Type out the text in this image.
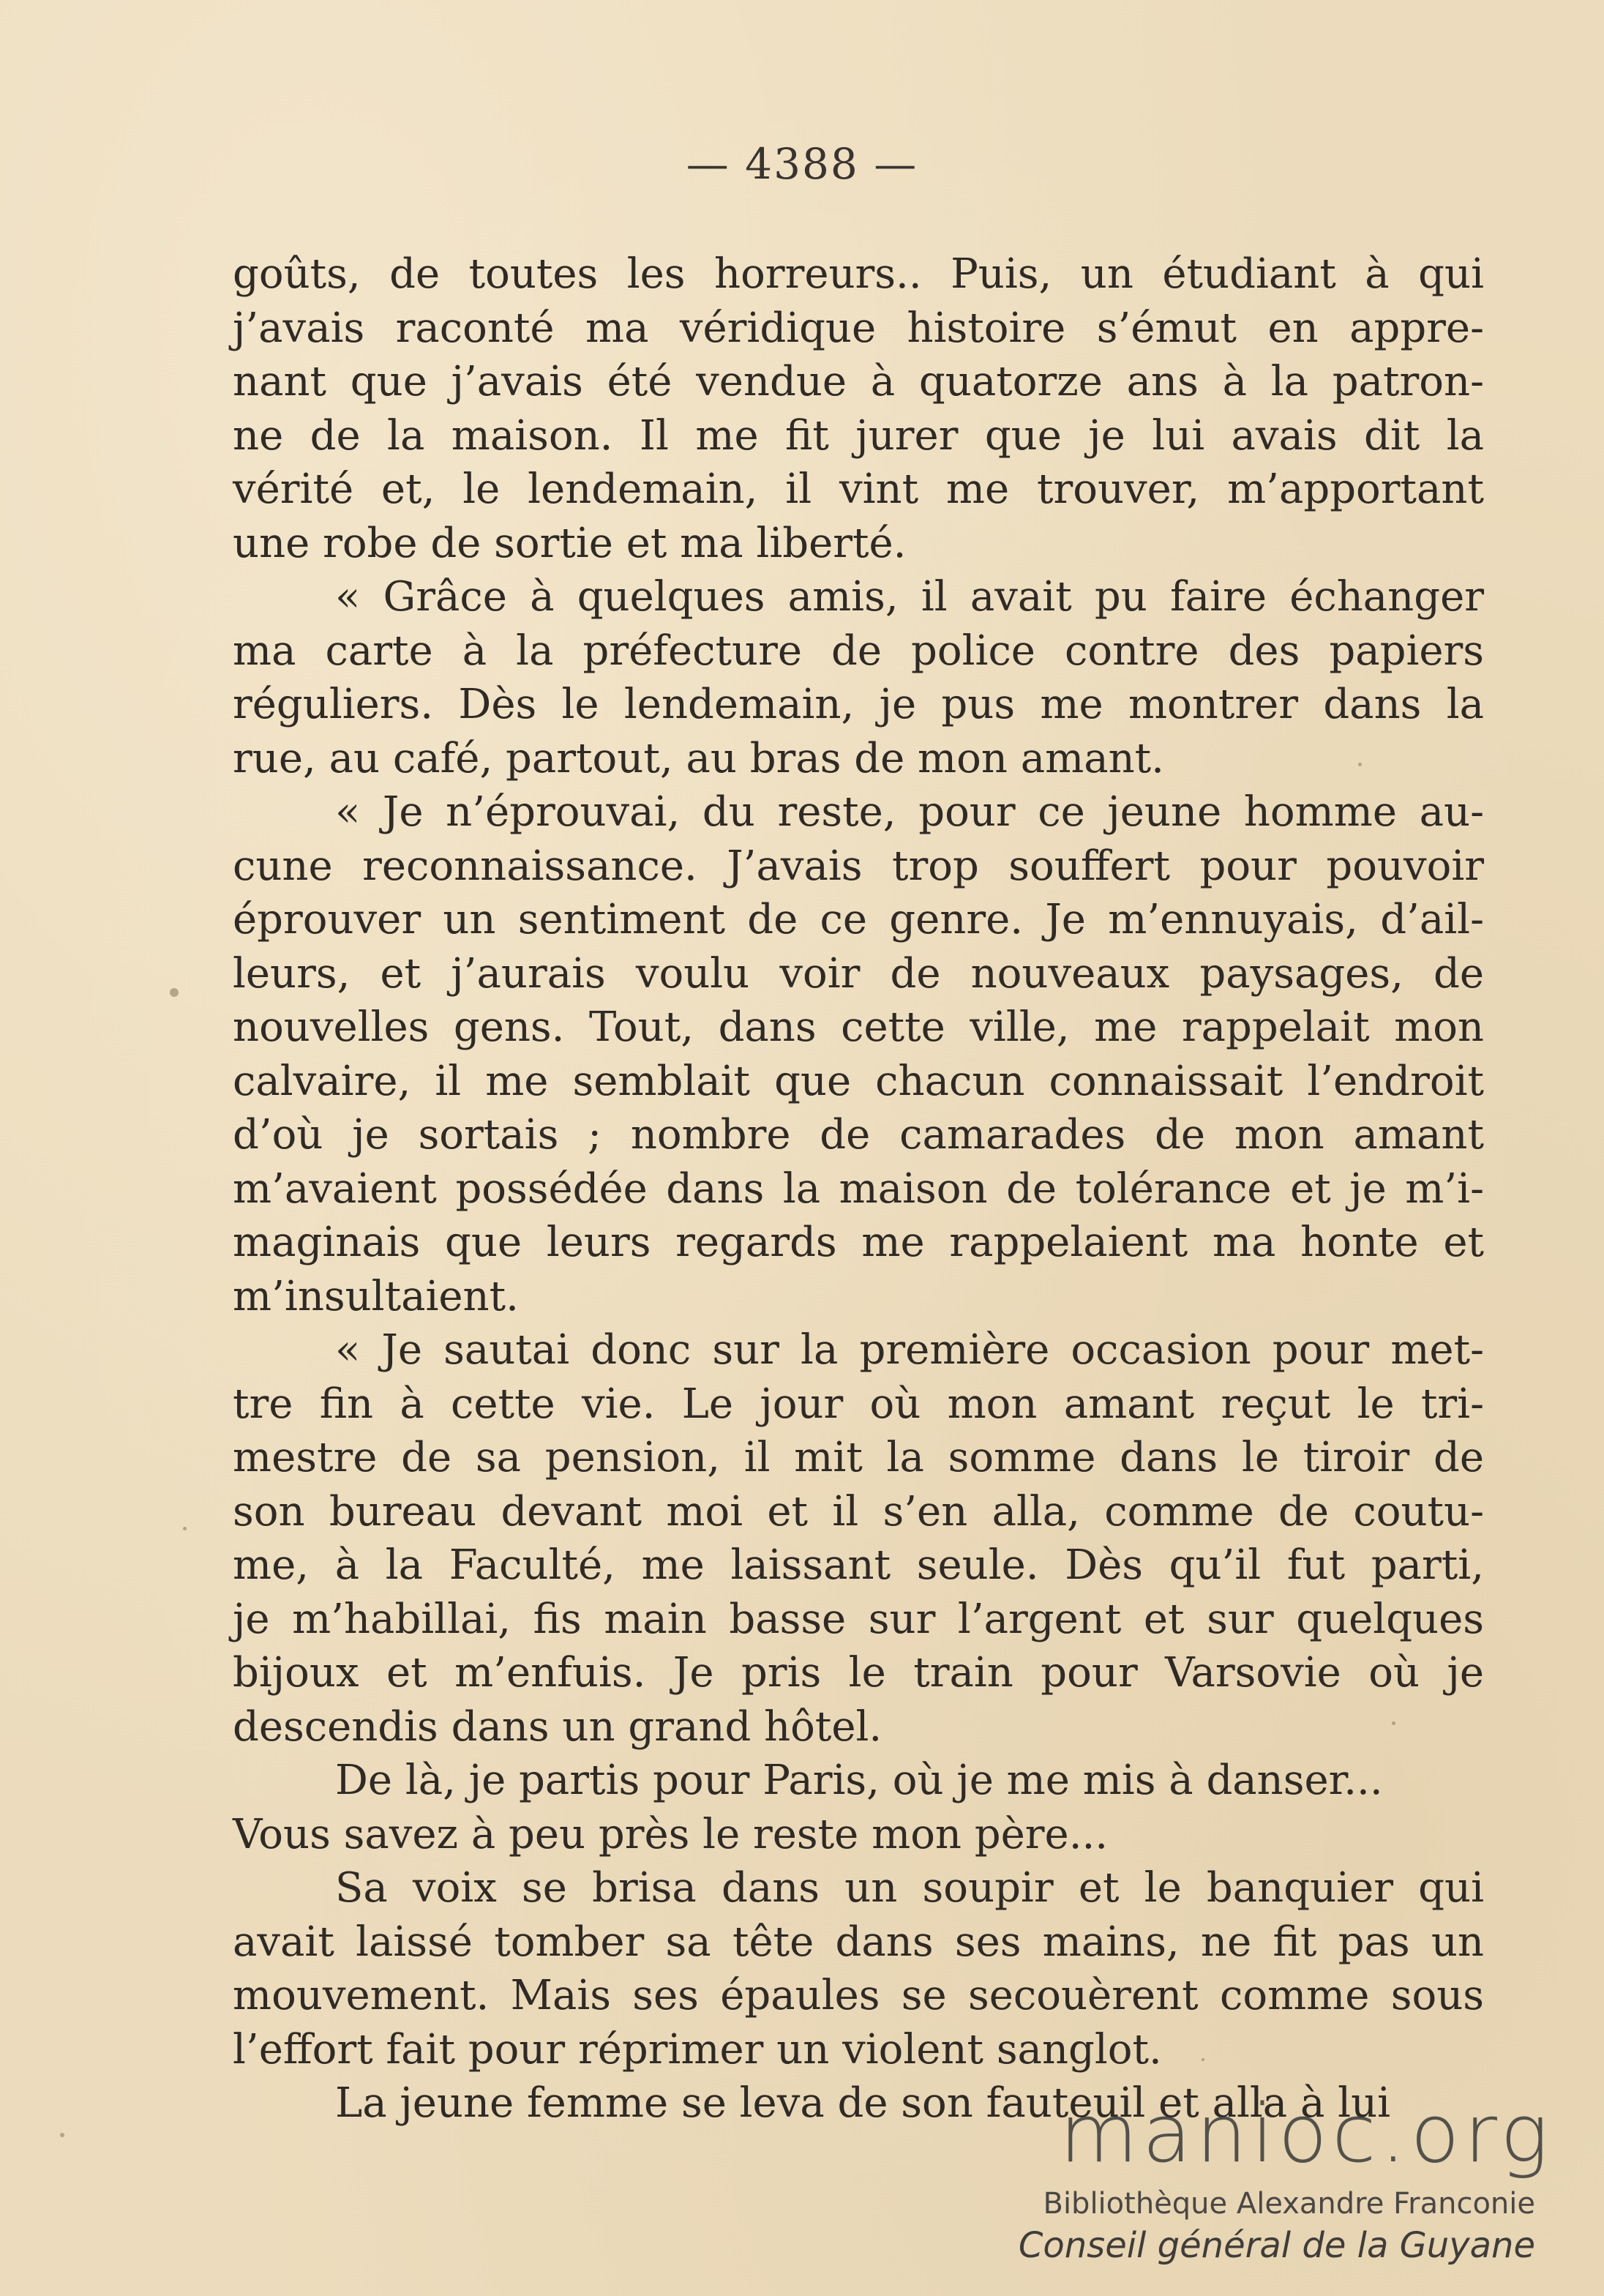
— 4388 —
goûts, de toutes les horreurs.. Puis, un étudiant à qui
j’avais raconté ma véridique histoire s’émut en appre-
nant que j’avais été vendue à quatorze ans à la patron-
ne de la maison. Il me fit jurer que je lui avais dit la
vérité et, le lendemain, il vint me trouver, m’apportant
une robe de sortie et ma liberté.
« Grâce à quelques amis, il avait pu faire échanger
ma carte à la préfecture de police contre des papiers
réguliers. Dès le lendemain, je pus me montrer dans la
rue, au café, partout, au bras de mon amant.
« Je n’éprouvai, du reste, pour ce jeune homme au-
cune reconnaissance. J’avais trop souffert pour pouvoir
éprouver un sentiment de ce genre. Je m’ennuyais, d’ail-
leurs, et j’aurais voulu voir de nouveaux paysages, de
nouvelles gens. Tout, dans cette ville, me rappelait mon
calvaire, il me semblait que chacun connaissait l’endroit
d’où je sortais ; nombre de camarades de mon amant
m’avaient possédée dans la maison de tolérance et je m’i-
maginais que leurs regards me rappelaient ma honte et
m’insultaient.
« Je sautai donc sur la première occasion pour met-
tre fin à cette vie. Le jour où mon amant reçut le tri-
mestre de sa pension, il mit la somme dans le tiroir de
son bureau devant moi et il s’en alla, comme de coutu-
me, à la Faculté, me laissant seule. Dès qu’il fut parti,
je m’habillai, fis main basse sur l’argent et sur quelques
bijoux et m’enfuis. Je pris le train pour Varsovie où je
descendis dans un grand hôtel.
De là, je partis pour Paris, où je me mis à danser...
Vous savez à peu près le reste mon père...
Sa voix se brisa dans un soupir et le banquier qui
avait laissé tomber sa tête dans ses mains, ne fit pas un
mouvement. Mais ses épaules se secouèrent comme sous
l’effort fait pour réprimer un violent sanglot.
La jeune femme se leva de son fauteuil et alla à lui
manioc.org
Bibliothèque Alexandre Franconie
Conseil général de la Guyane
